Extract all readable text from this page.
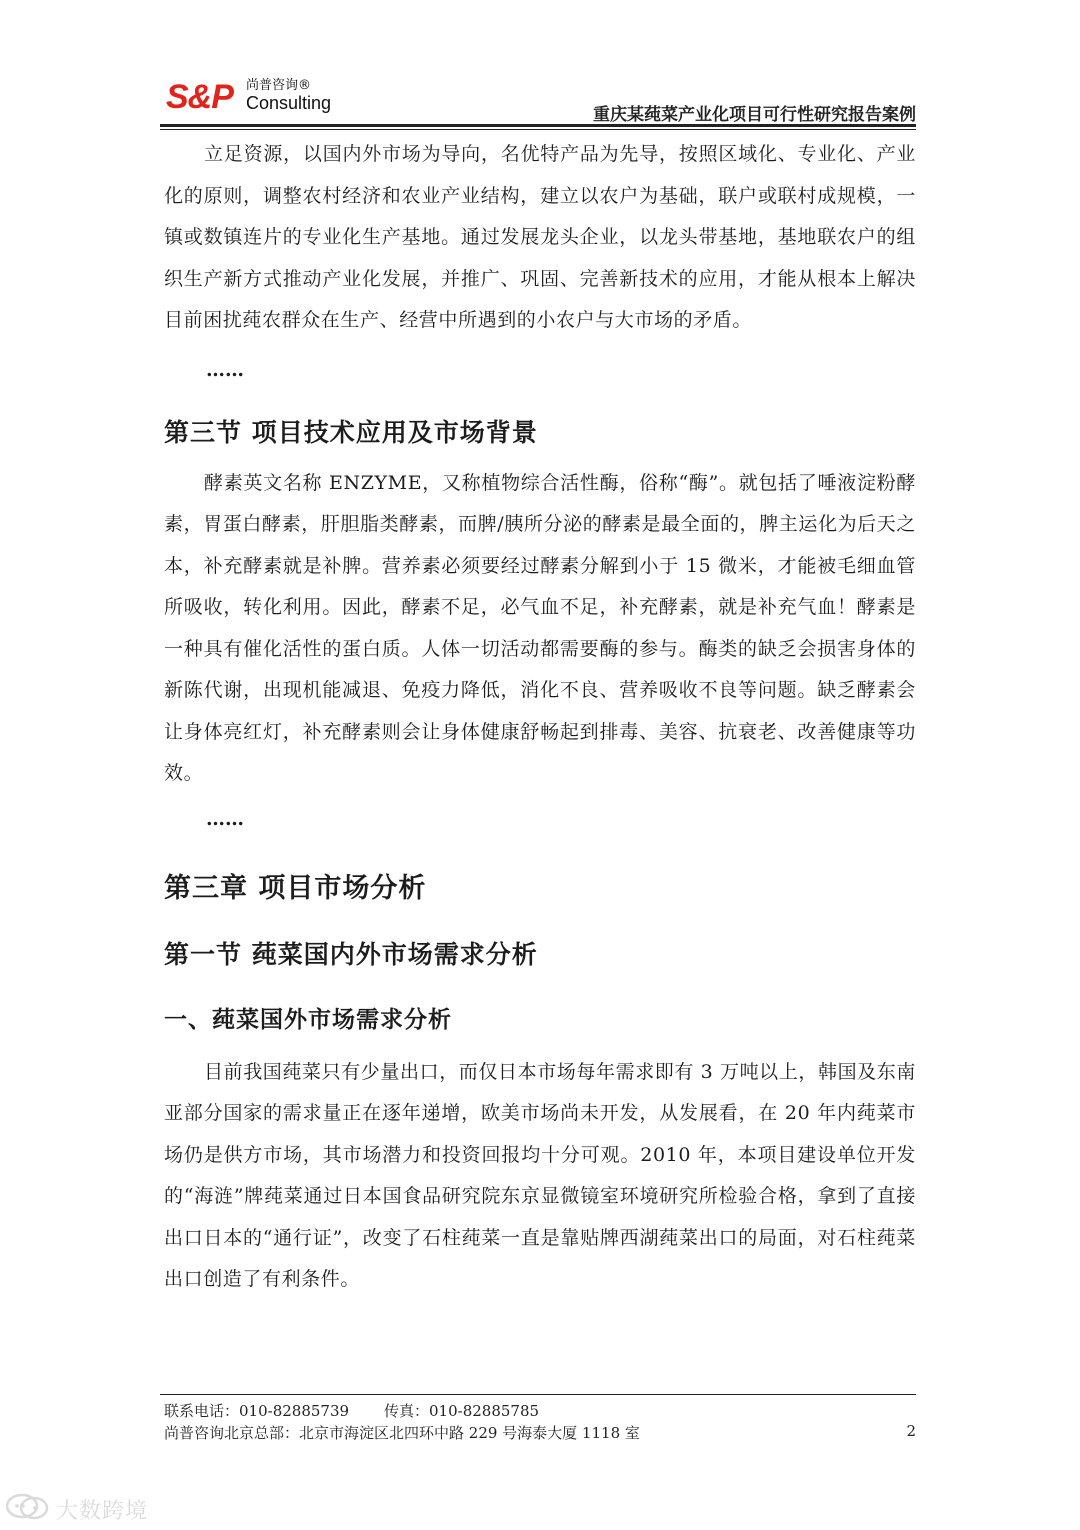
S&P 尚普咨询®
Consulting
重庆某莼菜产业化项目可行性研究报告案例

立足资源，以国内外市场为导向，名优特产品为先导，按照区域化、专业化、产业化的原则，调整农村经济和农业产业结构，建立以农户为基础，联户或联村成规模，一镇或数镇连片的专业化生产基地。通过发展龙头企业，以龙头带基地，基地联农户的组织生产新方式推动产业化发展，并推广、巩固、完善新技术的应用，才能从根本上解决目前困扰莼农群众在生产、经营中所遇到的小农户与大市场的矛盾。

……

第三节 项目技术应用及市场背景

酵素英文名称 ENZYME，又称植物综合活性酶，俗称“酶”。就包括了唾液淀粉酵素，胃蛋白酵素，肝胆脂类酵素，而脾/胰所分泌的酵素是最全面的，脾主运化为后天之本，补充酵素就是补脾。营养素必须要经过酵素分解到小于 15 微米，才能被毛细血管所吸收，转化利用。因此，酵素不足，必气血不足，补充酵素，就是补充气血！酵素是一种具有催化活性的蛋白质。人体一切活动都需要酶的参与。酶类的缺乏会损害身体的新陈代谢，出现机能减退、免疫力降低，消化不良、营养吸收不良等问题。缺乏酵素会让身体亮红灯，补充酵素则会让身体健康舒畅起到排毒、美容、抗衰老、改善健康等功效。

……

第三章 项目市场分析
第一节 莼菜国内外市场需求分析
一、莼菜国外市场需求分析

目前我国莼菜只有少量出口，而仅日本市场每年需求即有 3 万吨以上，韩国及东南亚部分国家的需求量正在逐年递增，欧美市场尚未开发，从发展看，在 20 年内莼菜市场仍是供方市场，其市场潜力和投资回报均十分可观。2010 年，本项目建设单位开发的“海涟”牌莼菜通过日本国食品研究院东京显微镜室环境研究所检验合格，拿到了直接出口日本的“通行证”，改变了石柱莼菜一直是靠贴牌西湖莼菜出口的局面，对石柱莼菜出口创造了有利条件。

联系电话：010-82885739 传真：010-82885785
尚普咨询北京总部：北京市海淀区北四环中路 229 号海泰大厦 1118 室	2
大数跨境
